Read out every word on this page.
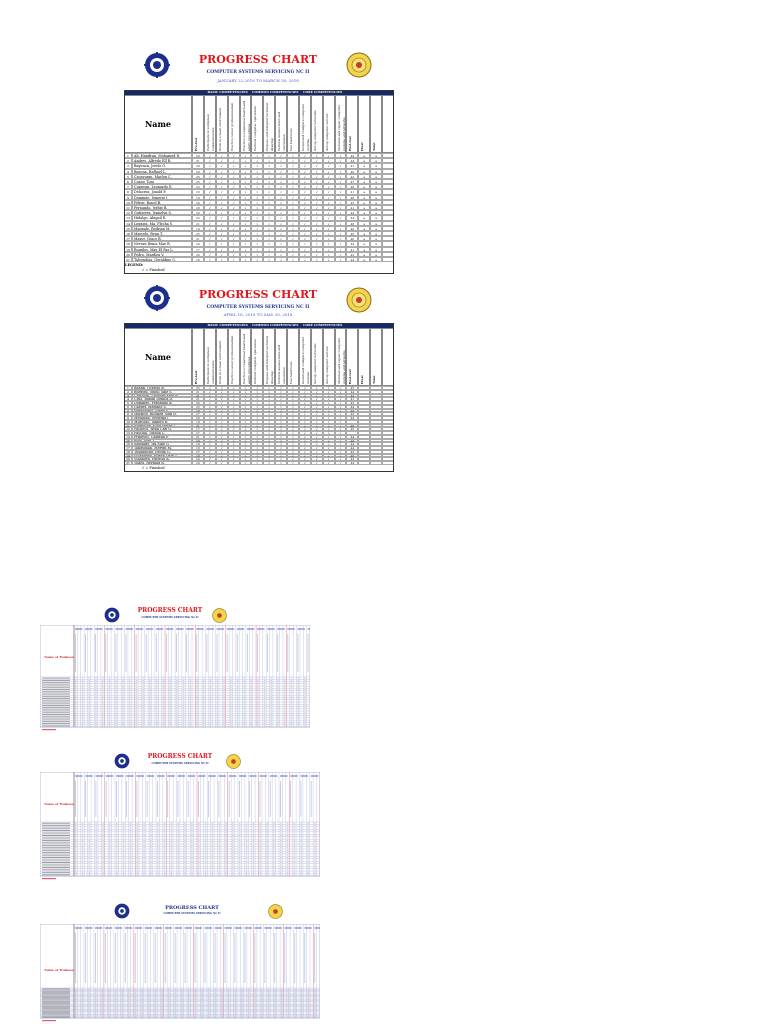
PROGRESS CHART
COMPUTER SYSTEMS SERVICING NC II
JANUARY 22,2018 TO MARCH 28, 2018
BASIC COMPETENCIES	COMMON COMPETENCIES	CORE COMPETENCIES
Name
Pre-test	Participate in workplace communication Work in a team environment	Practice career professionalism	Practice occupational health and safety procedures Perform computer operations	Prepare and interpret technical drawing Perform mensuration and calculation Use hand tools	Install and configure computer systems Set-up computer networks	Set-up computer servers	Maintain and repair computer systems and networks Post-test	Final	Total
1	Ali, Hanifran, Mohamed N.	28	√	√	√	√	√	√	√	√	√	√	√	√	44	a	a
2	Andres, Alfredo Ell R.	31	√	√	√	√	√	√	√	√	√	√	√	√	44	a	a
3	Bayonon, Jerelo O.	29	√	√	√	√	√	√	√	√	√	√	√	√	41	a	a
4	Bayona, Rafhael L.	28	√	√	√	√	√	√	√	√	√	√	√	√	40	a	a
5	Cacayuran, Marlon C.	26	√	√	√	√	√	√	√	√	√	√	√	√	42	a	a
6	Canoy, Toni	25	√	√	√	√	√	√	√	√	√	√	√	√	47	a	a
7	Cuaresm, Leonardo E.	22	√	√	√	√	√	√	√	√	√	√	√	√	40	a	a
8	Delacruz, Jonald P.	23	√	√	√	√	√	√	√	√	√	√	√	√	41	a	a
9	Domingo, Jemerio J.	18	√	√	√	√	√	√	√	√	√	√	√	√	46	a	a
10	Felipe, Ronel B.	26	√	√	√	√	√	√	√	√	√	√	√	√	45	a	a
11	Fernando, Jerbie R.	28	√	√	√	√	√	√	√	√	√	√	√	√	41	a	a
12	Gutierrez, Jennelyn S.	30	√	√	√	√	√	√	√	√	√	√	√	√	44	a	a
13	Hidalgo, Abigail E.	22	√	√	√	√	√	√	√	√	√	√	√	√	44	a	a
14	Legaspi, Ma. Flecha V.	21	√	√	√	√	√	√	√	√	√	√	√	√	46	a	a
15	Magpale, Rodrian M.	19	√	√	√	√	√	√	√	√	√	√	√	√	40	a	a
16	Marcelo, Ryan T.	25	√	√	√	√	√	√	√	√	√	√	√	√	45	a	a
17	Mayor, Grace B.	21	√	√	√	√	√	√	√	√	√	√	√	√	40	a	a
18	Nevera Reina Mae B.	24	√	√	√	√	√	√	√	√	√	√	√	√	44	a	a
19	Ruggles, May El Paz L.	17	√	√	√	√	√	√	√	√	√	√	√	√	41	a	a
20	Pedro, Mardira V.	26	√	√	√	√	√	√	√	√	√	√	√	√	42	a	a
21	Talvendias, Geraldine C.	20	√	√	√	√	√	√	√	√	√	√	√	√	44	a	a
LEGEND:
√ = Finished
PROGRESS CHART
COMPUTER SYSTEMS SERVICING NC II
APRIL 16, 2018 TO MAY 30, 2018
BASIC COMPETENCIES	COMMON COMPETENCIES	CORE COMPETENCIES
Name
Pre-test	Participate in workplace communication Work in a team environment	Practice career professionalism	Practice occupational health and safety procedures Perform computer operations	Prepare and interpret technical drawing Perform mensuration and calculation Use hand tools	Install and configure computer systems Set-up computer networks	Set-up computer servers	Maintain and repair computer systems and networks Post-test	Final	Total
1	Banan, Octavio B.	22	√	√	√	√	√	√	√	√	√	√	√	√	45
2	Borgoni, Jonell Jane S.	21	√	√	√	√	√	√	√	√	√	√	√	√	44
3	Castillon, Leonard Kyle R.	21	√	√	√	√	√	√	√	√	√	√	√	√	42
4	Cruz, Ronan Dennis D.	21	√	√	√	√	√	√	√	√	√	√	√	√	41
5	Domingo, Fernando B.	29	√	√	√	√	√	√	√	√	√	√	√	√	43
6	Gasper, Mariane S.	22	√	√	√	√	√	√	√	√	√	√	√	√	44
7	Hernandez, Jonny V.	18	√	√	√	√	√	√	√	√	√	√	√	√	40
8	Jamison, Richard John D.	27	√	√	√	√	√	√	√	√	√	√	√	√	43
9	Mendoza, Jessenia J.	20	√	√	√	√	√	√	√	√	√	√	√	√	44
10	Murcado, Jamero R.	18	√	√	√	√	√	√	√	√	√	√	√	√
11	Naguillan, King James J.	21	√	√	√	√	√	√	√	√	√	√	√	√	46
12	Pacheco, Ryan Carl G.	17	√	√	√	√	√	√	√	√	√	√	√	√	45
13	Pascual, Joshua C.	27	√	√	√	√	√	√	√	√	√	√	√	√
14	Prinesso, Camelia P.	21	√	√	√	√	√	√	√	√	√	√	√	√	44
15	Ruiz, Joan L.	29	√	√	√	√	√	√	√	√	√	√	√	√	40
16	Santiago, Ira Mae G.	18	√	√	√	√	√	√	√	√	√	√	√	√	44
17	Tanguman, Mervin M.	16	√	√	√	√	√	√	√	√	√	√	√	√	44
18	Tusagaong, Deoda G.	27	√	√	√	√	√	√	√	√	√	√	√	√	43
19	Villanueva, Roxan Dale T.	18	√	√	√	√	√	√	√	√	√	√	√	√	40
20	Villanova, Patricia A.	24	√	√	√	√	√	√	√	√	√	√	√	√	43
21	Ybara, Reynald R.	24	√	√	√	√	√	√	√	√	√	√	√	√	44
√ = Finished
PROGRESS CHART
COMPUTER SYSTEMS SERVICING NC II
Name of Trainees
PROGRESS CHART
COMPUTER SYSTEMS SERVICING NC II
Name of Trainees
PROGRESS CHART
COMPUTER SYSTEMS SERVICING NC II
Name of Trainees
